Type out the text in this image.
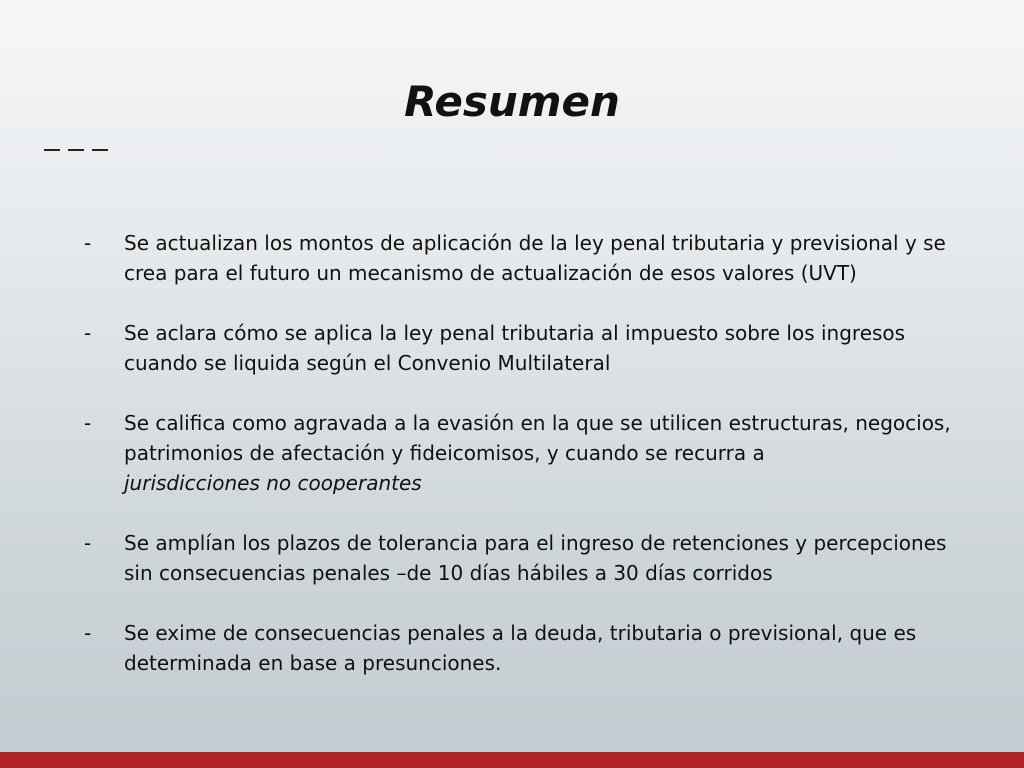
Resumen
-	Se actualizan los montos de aplicación de la ley penal tributaria y previsional y se crea para el futuro un mecanismo de actualización de esos valores (UVT)
-	Se aclara cómo se aplica la ley penal tributaria al impuesto sobre los ingresos cuando se liquida según el Convenio Multilateral
-	Se califica como agravada a la evasión en la que se utilicen estructuras, negocios, patrimonios de afectación y fideicomisos, y cuando se recurra a
jurisdicciones no cooperantes
-	Se amplían los plazos de tolerancia para el ingreso de retenciones y percepciones sin consecuencias penales –de 10 días hábiles a 30 días corridos
-	Se exime de consecuencias penales a la deuda, tributaria o previsional, que es determinada en base a presunciones.
